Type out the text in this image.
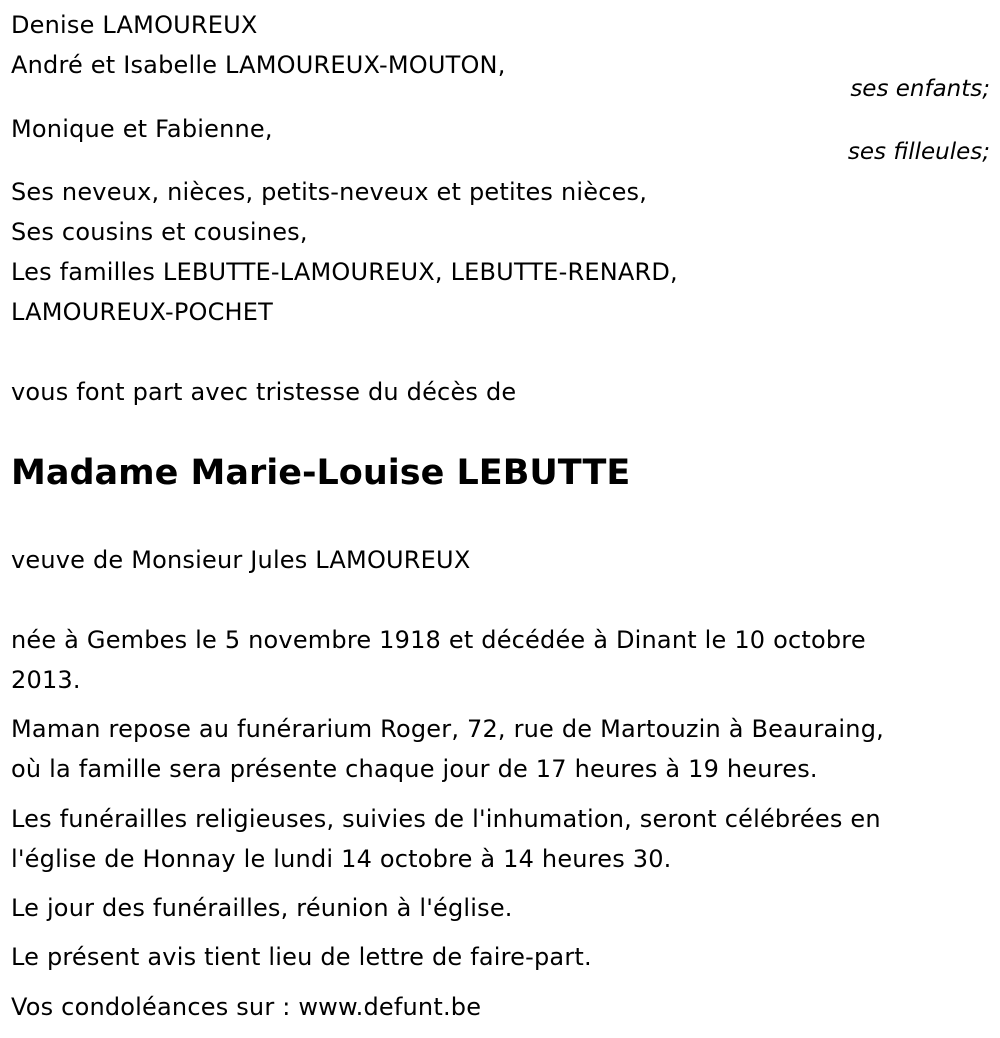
Denise LAMOUREUX
André et Isabelle LAMOUREUX-MOUTON,
ses enfants;
Monique et Fabienne,
ses filleules;
Ses neveux, nièces, petits-neveux et petites nièces,
Ses cousins et cousines,
Les familles LEBUTTE-LAMOUREUX, LEBUTTE-RENARD,
LAMOUREUX-POCHET
vous font part avec tristesse du décès de
Madame Marie-Louise LEBUTTE
veuve de Monsieur Jules LAMOUREUX
née à Gembes le 5 novembre 1918 et décédée à Dinant le 10 octobre
2013.
Maman repose au funérarium Roger, 72, rue de Martouzin à Beauraing,
où la famille sera présente chaque jour de 17 heures à 19 heures.
Les funérailles religieuses, suivies de l'inhumation, seront célébrées en
l'église de Honnay le lundi 14 octobre à 14 heures 30.
Le jour des funérailles, réunion à l'église.
Le présent avis tient lieu de lettre de faire-part.
Vos condoléances sur : www.defunt.be
